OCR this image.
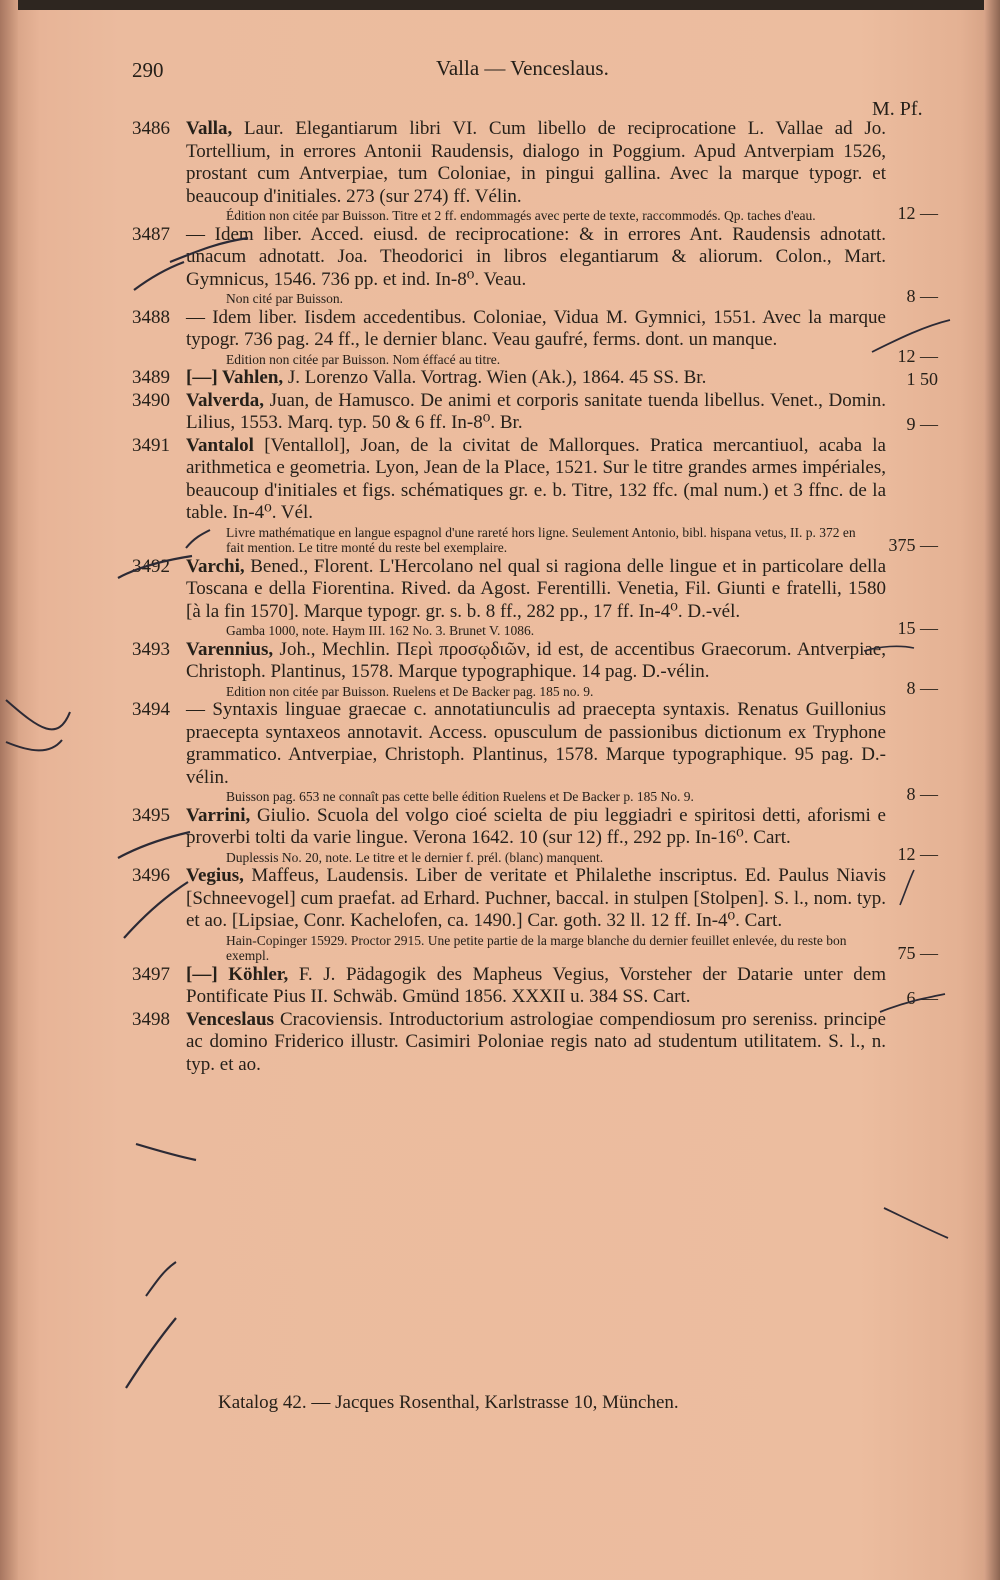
290	Valla — Venceslaus.
M. Pf.
3486 Valla, Laur. Elegantiarum libri VI. Cum libello de reciprocatione L. Vallae ad Jo. Tortellium, in errores Antonii Raudensis, dialogo in Poggium. Apud Antverpiam 1526, prostant cum Antverpiae, tum Coloniae, in pingui gallina. Avec la marque typogr. et beaucoup d'initiales. 273 (sur 274) ff. Vélin.
Édition non citée par Buisson. Titre et 2 ff. endommagés avec perte de texte, raccommodés. Qp. taches d'eau.	12 —
3487 — Idem liber. Acced. eiusd. de reciprocatione: & in errores Ant. Raudensis adnotatt. unacum adnotatt. Joa. Theodorici in libros elegantiarum & aliorum. Colon., Mart. Gymnicus, 1546. 736 pp. et ind. In-8⁰. Veau.
Non cité par Buisson.	8 —
3488 — Idem liber. Iisdem accedentibus. Coloniae, Vidua M. Gymnici, 1551. Avec la marque typogr. 736 pag. 24 ff., le dernier blanc. Veau gaufré, ferms. dont. un manque.
Edition non citée par Buisson. Nom éffacé au titre.	12 —
3489 [—] Vahlen, J. Lorenzo Valla. Vortrag. Wien (Ak.), 1864. 45 SS. Br.	1 50
3490 Valverda, Juan, de Hamusco. De animi et corporis sanitate tuenda libellus. Venet., Domin. Lilius, 1553. Marq. typ. 50 & 6 ff. In-8⁰. Br.	9 —
3491 Vantalol [Ventallol], Joan, de la civitat de Mallorques. Pratica mercantiuol, acaba la arithmetica e geometria. Lyon, Jean de la Place, 1521. Sur le titre grandes armes impériales, beaucoup d'initiales et figs. schématiques gr. e. b. Titre, 132 ffc. (mal num.) et 3 ffnc. de la table. In-4⁰. Vél.
Livre mathématique en langue espagnol d'une rareté hors ligne. Seulement Antonio, bibl. hispana vetus, II. p. 372 en fait mention. Le titre monté du reste bel exemplaire.	375 —
3492 Varchi, Bened., Florent. L'Hercolano nel qual si ragiona delle lingue et in particolare della Toscana e della Fiorentina. Rived. da Agost. Ferentilli. Venetia, Fil. Giunti e fratelli, 1580 [à la fin 1570]. Marque typogr. gr. s. b. 8 ff., 282 pp., 17 ff. In-4⁰. D.-vél.
Gamba 1000, note. Haym III. 162 No. 3. Brunet V. 1086.	15 —
3493 Varennius, Joh., Mechlin. Περὶ προσῳδιῶν, id est, de accentibus Graecorum. Antverpiae, Christoph. Plantinus, 1578. Marque typographique. 14 pag. D.-vélin.
Edition non citée par Buisson. Ruelens et De Backer pag. 185 no. 9.	8 —
3494 — Syntaxis linguae graecae c. annotatiunculis ad praecepta syntaxis. Renatus Guillonius praecepta syntaxeos annotavit. Access. opusculum de passionibus dictionum ex Tryphone grammatico. Antverpiae, Christoph. Plantinus, 1578. Marque typographique. 95 pag. D.-vélin.
Buisson pag. 653 ne connaît pas cette belle édition Ruelens et De Backer p. 185 No. 9.	8 —
3495 Varrini, Giulio. Scuola del volgo cioé scielta de piu leggiadri e spiritosi detti, aforismi e proverbi tolti da varie lingue. Verona 1642. 10 (sur 12) ff., 292 pp. In-16⁰. Cart.
Duplessis No. 20, note. Le titre et le dernier f. prél. (blanc) manquent.	12 —
3496 Vegius, Maffeus, Laudensis. Liber de veritate et Philalethe inscriptus. Ed. Paulus Niavis [Schneevogel] cum praefat. ad Erhard. Puchner, baccal. in stulpen [Stolpen]. S. l., nom. typ. et ao. [Lipsiae, Conr. Kachelofen, ca. 1490.] Car. goth. 32 ll. 12 ff. In-4⁰. Cart.
Hain-Copinger 15929. Proctor 2915. Une petite partie de la marge blanche du dernier feuillet enlevée, du reste bon exempl.	75 —
3497 [—] Köhler, F. J. Pädagogik des Mapheus Vegius, Vorsteher der Datarie unter dem Pontificate Pius II. Schwäb. Gmünd 1856. XXXII u. 384 SS. Cart.	6 —
3498 Venceslaus Cracoviensis. Introductorium astrologiae compendiosum pro sereniss. principe ac domino Friderico illustr. Casimiri Poloniae regis nato ad studentum utilitatem. S. l., n. typ. et ao.
Katalog 42. — Jacques Rosenthal, Karlstrasse 10, München.
